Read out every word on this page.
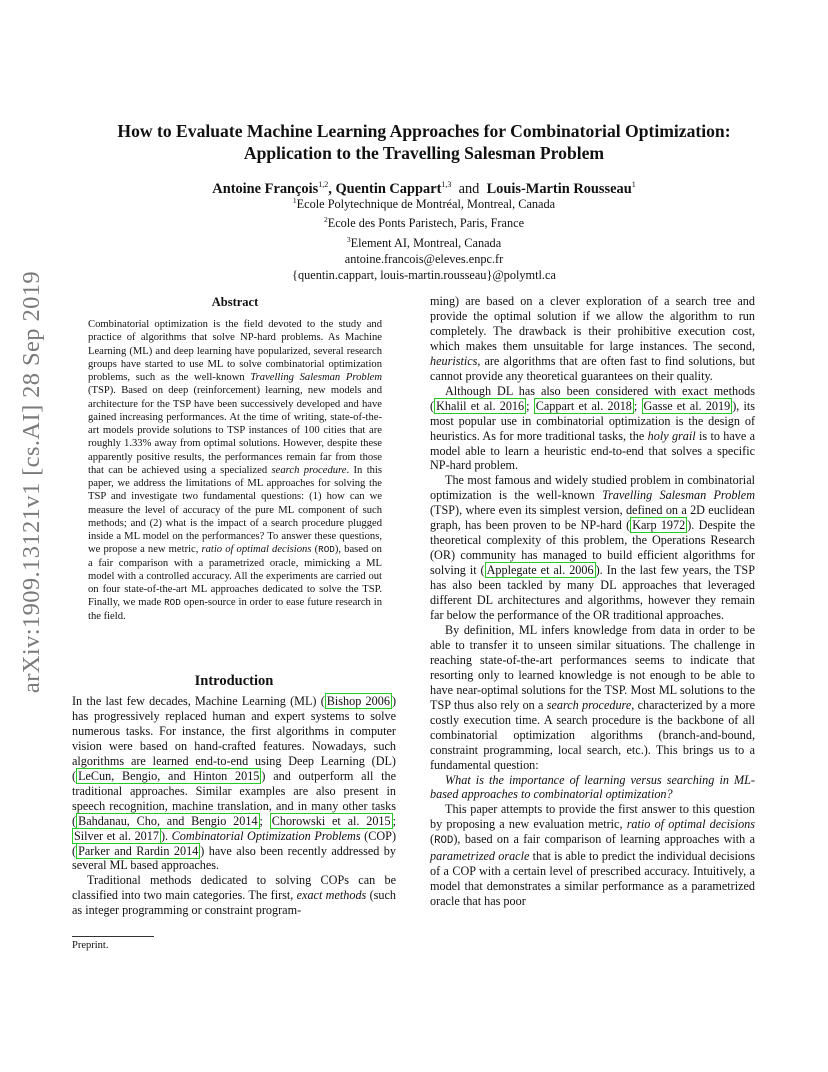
arXiv:1909.13121v1 [cs.AI] 28 Sep 2019
How to Evaluate Machine Learning Approaches for Combinatorial Optimization:
Application to the Travelling Salesman Problem
Antoine François$^{1,2}$, Quentin Cappart$^{1,3}$ and Louis-Martin Rousseau$^1$
$^1$Ecole Polytechnique de Montréal, Montreal, Canada
$^2$Ecole des Ponts Paristech, Paris, France
$^3$Element AI, Montreal, Canada
antoine.francois@eleves.enpc.fr
{quentin.cappart, louis-martin.rousseau}@polymtl.ca
Abstract
Combinatorial optimization is the field devoted to the study and practice of algorithms that solve NP-hard problems. As Machine Learning (ML) and deep learning have popularized, several research groups have started to use ML to solve combinatorial optimization problems, such as the well-known Travelling Salesman Problem (TSP). Based on deep (reinforcement) learning, new models and architecture for the TSP have been successively developed and have gained increasing performances. At the time of writing, state-of-the-art models provide solutions to TSP instances of 100 cities that are roughly 1.33% away from optimal solutions. However, despite these apparently positive results, the performances remain far from those that can be achieved using a specialized search procedure. In this paper, we address the limitations of ML approaches for solving the TSP and investigate two fundamental questions: (1) how can we measure the level of accuracy of the pure ML component of such methods; and (2) what is the impact of a search procedure plugged inside a ML model on the performances? To answer these questions, we propose a new metric, ratio of optimal decisions (ROD), based on a fair comparison with a parametrized oracle, mimicking a ML model with a controlled accuracy. All the experiments are carried out on four state-of-the-art ML approaches dedicated to solve the TSP. Finally, we made ROD open-source in order to ease future research in the field.
Introduction

In the last few decades, Machine Learning (ML) ( Bishop 2006 ) has progressively replaced human and expert systems to solve numerous tasks. For instance, the first algorithms in computer vision were based on hand-crafted features. Nowadays, such algorithms are learned end-to-end using Deep Learning (DL) ( LeCun, Bengio, and Hinton 2015 ) and outperform all the traditional approaches. Similar examples are also present in speech recognition, machine translation, and in many other tasks ( Bahdanau, Cho, and Bengio 2014 ; Chorowski et al. 2015 ; Silver et al. 2017 ). Combinatorial Optimization Problems (COP) ( Parker and Rardin 2014 ) have also been recently addressed by several ML based approaches.

Traditional methods dedicated to solving COPs can be classified into two main categories. The first, exact methods (such as integer programming or constraint program-

ming) are based on a clever exploration of a search tree and provide the optimal solution if we allow the algorithm to run completely. The drawback is their prohibitive execution cost, which makes them unsuitable for large instances. The second, heuristics, are algorithms that are often fast to find solutions, but cannot provide any theoretical guarantees on their quality.

Although DL has also been considered with exact methods ( Khalil et al. 2016 ; Cappart et al. 2018 ; Gasse et al. 2019 ), its most popular use in combinatorial optimization is the design of heuristics. As for more traditional tasks, the holy grail is to have a model able to learn a heuristic end-to-end that solves a specific NP-hard problem.

The most famous and widely studied problem in combinatorial optimization is the well-known Travelling Salesman Problem (TSP), where even its simplest version, defined on a 2D euclidean graph, has been proven to be NP-hard ( Karp 1972 ). Despite the theoretical complexity of this problem, the Operations Research (OR) community has managed to build efficient algorithms for solving it ( Applegate et al. 2006 ). In the last few years, the TSP has also been tackled by many DL approaches that leveraged different DL architectures and algorithms, however they remain far below the performance of the OR traditional approaches.

By definition, ML infers knowledge from data in order to be able to transfer it to unseen similar situations. The challenge in reaching state-of-the-art performances seems to indicate that resorting only to learned knowledge is not enough to be able to have near-optimal solutions for the TSP. Most ML solutions to the TSP thus also rely on a search procedure, characterized by a more costly execution time. A search procedure is the backbone of all combinatorial optimization algorithms (branch-and-bound, constraint programming, local search, etc.). This brings us to a fundamental question:

What is the importance of learning versus searching in ML-based approaches to combinatorial optimization?

This paper attempts to provide the first answer to this question by proposing a new evaluation metric, ratio of optimal decisions (ROD), based on a fair comparison of learning approaches with a parametrized oracle that is able to predict the individual decisions of a COP with a certain level of prescribed accuracy. Intuitively, a model that demonstrates a similar performance as a parametrized oracle that has poor

Preprint.
